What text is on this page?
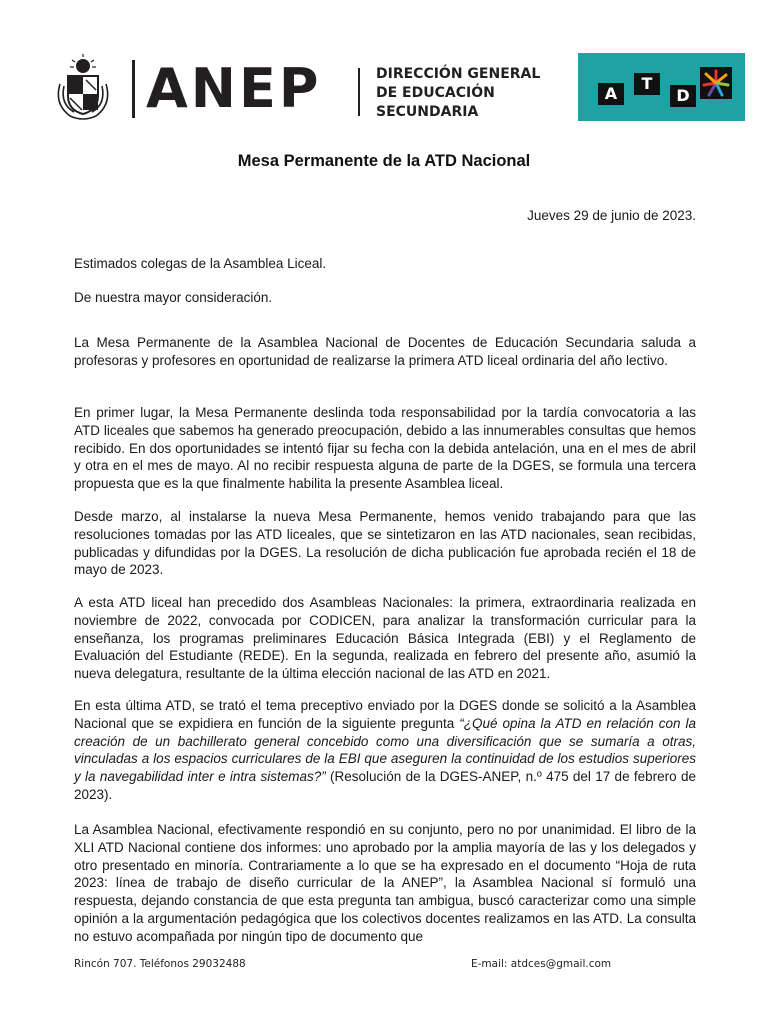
ANEP	DIRECCIÓN GENERAL
DE EDUCACIÓN
SECUNDARIA
A
T
D
Mesa Permanente de la ATD Nacional
Jueves 29 de junio de 2023.

Estimados colegas de la Asamblea Liceal.

De nuestra mayor consideración.

La Mesa Permanente de la Asamblea Nacional de Docentes de Educación Secundaria saluda a profesoras y profesores en oportunidad de realizarse la primera ATD liceal ordinaria del año lectivo.

En primer lugar, la Mesa Permanente deslinda toda responsabilidad por la tardía convocatoria a las ATD liceales que sabemos ha generado preocupación, debido a las innumerables consultas que hemos recibido. En dos oportunidades se intentó fijar su fecha con la debida antelación, una en el mes de abril y otra en el mes de mayo. Al no recibir respuesta alguna de parte de la DGES, se formula una tercera propuesta que es la que finalmente habilita la presente Asamblea liceal.

Desde marzo, al instalarse la nueva Mesa Permanente, hemos venido trabajando para que las resoluciones tomadas por las ATD liceales, que se sintetizaron en las ATD nacionales, sean recibidas, publicadas y difundidas por la DGES. La resolución de dicha publicación fue aprobada recién el 18 de mayo de 2023.

A esta ATD liceal han precedido dos Asambleas Nacionales: la primera, extraordinaria realizada en noviembre de 2022, convocada por CODICEN, para analizar la transformación curricular para la enseñanza, los programas preliminares Educación Básica Integrada (EBI) y el Reglamento de Evaluación del Estudiante (REDE). En la segunda, realizada en febrero del presente año, asumió la nueva delegatura, resultante de la última elección nacional de las ATD en 2021.

En esta última ATD, se trató el tema preceptivo enviado por la DGES donde se solicitó a la Asamblea Nacional que se expidiera en función de la siguiente pregunta “¿Qué opina la ATD en relación con la creación de un bachillerato general concebido como una diversificación que se sumaría a otras, vinculadas a los espacios curriculares de la EBI que aseguren la continuidad de los estudios superiores y la navegabilidad inter e intra sistemas?” (Resolución de la DGES-ANEP, n.º 475 del 17 de febrero de 2023).

La Asamblea Nacional, efectivamente respondió en su conjunto, pero no por unanimidad. El libro de la XLI ATD Nacional contiene dos informes: uno aprobado por la amplia mayoría de las y los delegados y otro presentado en minoría. Contrariamente a lo que se ha expresado en el documento “Hoja de ruta 2023: línea de trabajo de diseño curricular de la ANEP”, la Asamblea Nacional sí formuló una respuesta, dejando constancia de que esta pregunta tan ambigua, buscó caracterizar como una simple opinión a la argumentación pedagógica que los colectivos docentes realizamos en las ATD. La consulta no estuvo acompañada por ningún tipo de documento que

Rincón 707. Teléfonos 29032488	E-mail: atdces@gmail.com
